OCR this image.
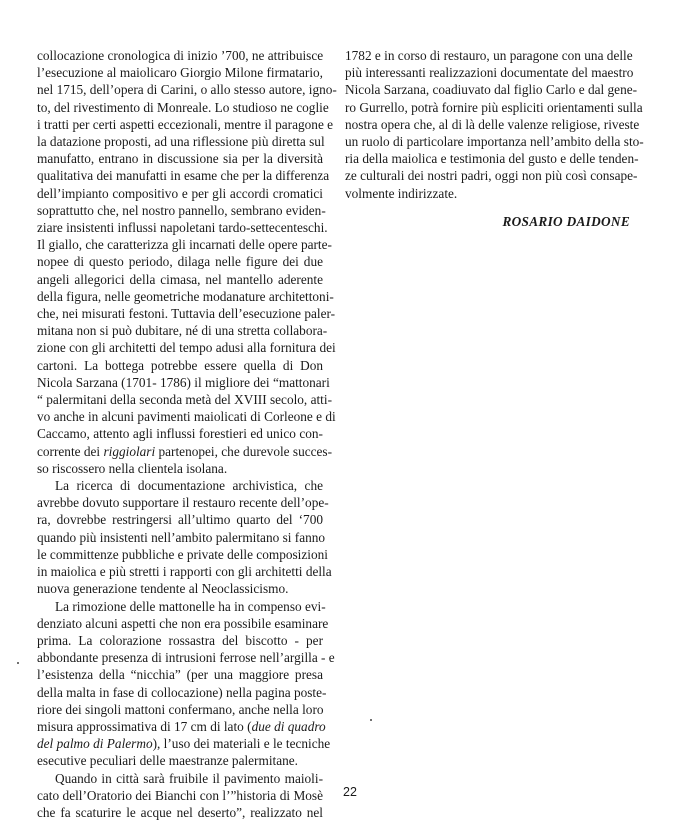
collocazione cronologica di inizio ’700, ne attribuisce
l’esecuzione al maiolicaro Giorgio Milone firmatario,
nel 1715, dell’opera di Carini, o allo stesso autore, igno-
to, del rivestimento di Monreale. Lo studioso ne coglie
i tratti per certi aspetti eccezionali, mentre il paragone e
la datazione proposti, ad una riflessione più diretta sul
manufatto, entrano in discussione sia per la diversità
qualitativa dei manufatti in esame che per la differenza
dell’impianto compositivo e per gli accordi cromatici
soprattutto che, nel nostro pannello, sembrano eviden-
ziare insistenti influssi napoletani tardo-settecenteschi.
Il giallo, che caratterizza gli incarnati delle opere parte-
nopee di questo periodo, dilaga nelle figure dei due
angeli allegorici della cimasa, nel mantello aderente
della figura, nelle geometriche modanature architettoni-
che, nei misurati festoni. Tuttavia dell’esecuzione paler-
mitana non si può dubitare, né di una stretta collabora-
zione con gli architetti del tempo adusi alla fornitura dei
cartoni. La bottega potrebbe essere quella di Don
Nicola Sarzana (1701- 1786) il migliore dei “mattonari
“ palermitani della seconda metà del XVIII secolo, atti-
vo anche in alcuni pavimenti maiolicati di Corleone e di
Caccamo, attento agli influssi forestieri ed unico con-
corrente dei riggiolari partenopei, che durevole succes-
so riscossero nella clientela isolana.
La ricerca di documentazione archivistica, che
avrebbe dovuto supportare il restauro recente dell’ope-
ra, dovrebbe restringersi all’ultimo quarto del ‘700
quando più insistenti nell’ambito palermitano si fanno
le committenze pubbliche e private delle composizioni
in maiolica e più stretti i rapporti con gli architetti della
nuova generazione tendente al Neoclassicismo.
La rimozione delle mattonelle ha in compenso evi-
denziato alcuni aspetti che non era possibile esaminare
prima. La colorazione rossastra del biscotto - per
abbondante presenza di intrusioni ferrose nell’argilla - e
l’esistenza della “nicchia” (per una maggiore presa
della malta in fase di collocazione) nella pagina poste-
riore dei singoli mattoni confermano, anche nella loro
misura approssimativa di 17 cm di lato (due di quadro
del palmo di Palermo), l’uso dei materiali e le tecniche
esecutive peculiari delle maestranze palermitane.
Quando in città sarà fruibile il pavimento maioli-
cato dell’Oratorio dei Bianchi con l’”historia di Mosè
che fa scaturire le acque nel deserto”, realizzato nel
1782 e in corso di restauro, un paragone con una delle
più interessanti realizzazioni documentate del maestro
Nicola Sarzana, coadiuvato dal figlio Carlo e dal gene-
ro Gurrello, potrà fornire più espliciti orientamenti sulla
nostra opera che, al di là delle valenze religiose, riveste
un ruolo di particolare importanza nell’ambito della sto-
ria della maiolica e testimonia del gusto e delle tenden-
ze culturali dei nostri padri, oggi non più così consape-
volmente indirizzate.
ROSARIO DAIDONE
22
